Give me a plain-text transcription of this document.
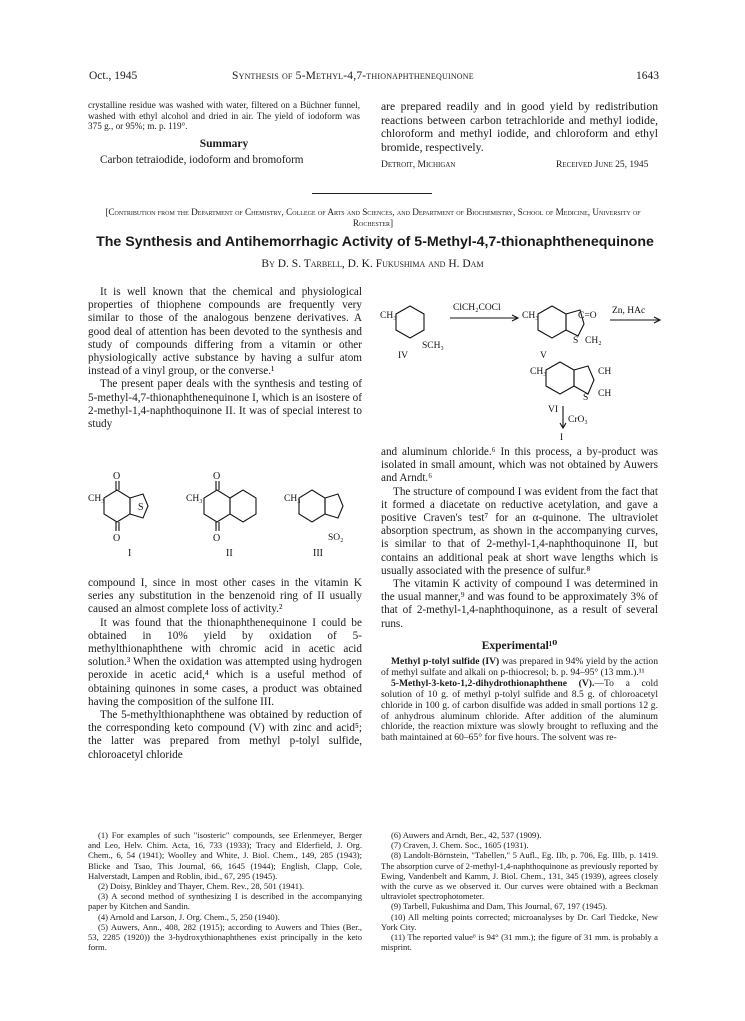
Oct., 1945	Synthesis of 5-Methyl-4,7-thionaphthenequinone	1643
crystalline residue was washed with water, filtered on a Büchner funnel, washed with ethyl alcohol and dried in air. The yield of iodoform was 375 g., or 95%; m. p. 119°.
Summary
Carbon tetraiodide, iodoform and bromoform
are prepared readily and in good yield by redistribution reactions between carbon tetrachloride and methyl iodide, chloroform and methyl iodide, and chloroform and ethyl bromide, respectively.
Detroit, Michigan	Received June 25, 1945
[Contribution from the Department of Chemistry, College of Arts and Sciences, and Department of Biochemistry, School of Medicine, University of Rochester]
The Synthesis and Antihemorrhagic Activity of 5-Methyl-4,7-thionaphthenequinone
By D. S. Tarbell, D. K. Fukushima and H. Dam

It is well known that the chemical and physiological properties of thiophene compounds are frequently very similar to those of the analogous benzene derivatives. A good deal of attention has been devoted to the synthesis and study of compounds differing from a vitamin or other physiologically active substance by having a sulfur atom instead of a vinyl group, or the converse.¹

The present paper deals with the synthesis and testing of 5-methyl-4,7-thionaphthenequinone I, which is an isostere of 2-methyl-1,4-naphthoquinone II. It was of special interest to study

O
S
CH₃
O
I
O
CH₃
O
II
CH₃
SO₂
III

compound I, since in most other cases in the vitamin K series any substitution in the benzenoid ring of II usually caused an almost complete loss of activity.²

It was found that the thionaphthenequinone I could be obtained in 10% yield by oxidation of 5-methylthionaphthene with chromic acid in acetic acid solution.³ When the oxidation was attempted using hydrogen peroxide in acetic acid,⁴ which is a useful method of obtaining quinones in some cases, a product was obtained having the composition of the sulfone III.

The 5-methylthionaphthene was obtained by reduction of the corresponding keto compound (V) with zinc and acid⁵; the latter was prepared from methyl p-tolyl sulfide, chloroacetyl chloride

CH₃
SCH₃
IV
ClCH₂COCl
CH₃	C=O
S CH₂
V
Zn, HAc
CH₃	CH
CH
S
VI
CrO₃
I

and aluminum chloride.⁶ In this process, a by-product was isolated in small amount, which was not obtained by Auwers and Arndt.⁶

The structure of compound I was evident from the fact that it formed a diacetate on reductive acetylation, and gave a positive Craven's test⁷ for an α-quinone. The ultraviolet absorption spectrum, as shown in the accompanying curves, is similar to that of 2-methyl-1,4-naphthoquinone II, but contains an additional peak at short wave lengths which is usually associated with the presence of sulfur.⁸

The vitamin K activity of compound I was determined in the usual manner,⁹ and was found to be approximately 3% of that of 2-methyl-1,4-naphthoquinone, as a result of several runs.

Experimental¹⁰

Methyl p-tolyl sulfide (IV) was prepared in 94% yield by the action of methyl sulfate and alkali on p-thiocresol; b. p. 94–95° (13 mm.).¹¹

5-Methyl-3-keto-1,2-dihydrothionaphthene (V).—To a cold solution of 10 g. of methyl p-tolyl sulfide and 8.5 g. of chloroacetyl chloride in 100 g. of carbon disulfide was added in small portions 12 g. of anhydrous aluminum chloride. After addition of the aluminum chloride, the reaction mixture was slowly brought to refluxing and the bath maintained at 60–65° for five hours. The solvent was re-

(1) For examples of such "isosteric" compounds, see Erlenmeyer, Berger and Leo, Helv. Chim. Acta, 16, 733 (1933); Tracy and Elderfield, J. Org. Chem., 6, 54 (1941); Woolley and White, J. Biol. Chem., 149, 285 (1943); Blicke and Tsao, This Journal, 66, 1645 (1944); English, Clapp, Cole, Halverstadt, Lampen and Roblin, ibid., 67, 295 (1945).

(2) Doisy, Binkley and Thayer, Chem. Rev., 28, 501 (1941).

(3) A second method of synthesizing I is described in the accompanying paper by Kitchen and Sandin.

(4) Arnold and Larson, J. Org. Chem., 5, 250 (1940).

(5) Auwers, Ann., 408, 282 (1915); according to Auwers and Thies (Ber., 53, 2285 (1920)) the 3-hydroxythionaphthenes exist principally in the keto form.

(6) Auwers and Arndt, Ber., 42, 537 (1909).

(7) Craven, J. Chem. Soc., 1605 (1931).

(8) Landolt-Börnstein, "Tabellen," 5 Aufl., Eg. IIb, p. 706, Eg. IIIb, p. 1419. The absorption curve of 2-methyl-1,4-naphthoquinone as previously reported by Ewing, Vandenbelt and Kamm, J. Biol. Chem., 131, 345 (1939), agrees closely with the curve as we observed it. Our curves were obtained with a Beckman ultraviolet spectrophotometer.

(9) Tarbell, Fukushima and Dam, This Journal, 67, 197 (1945).

(10) All melting points corrected; microanalyses by Dr. Carl Tiedcke, New York City.

(11) The reported value⁶ is 94° (31 mm.); the figure of 31 mm. is probably a misprint.
